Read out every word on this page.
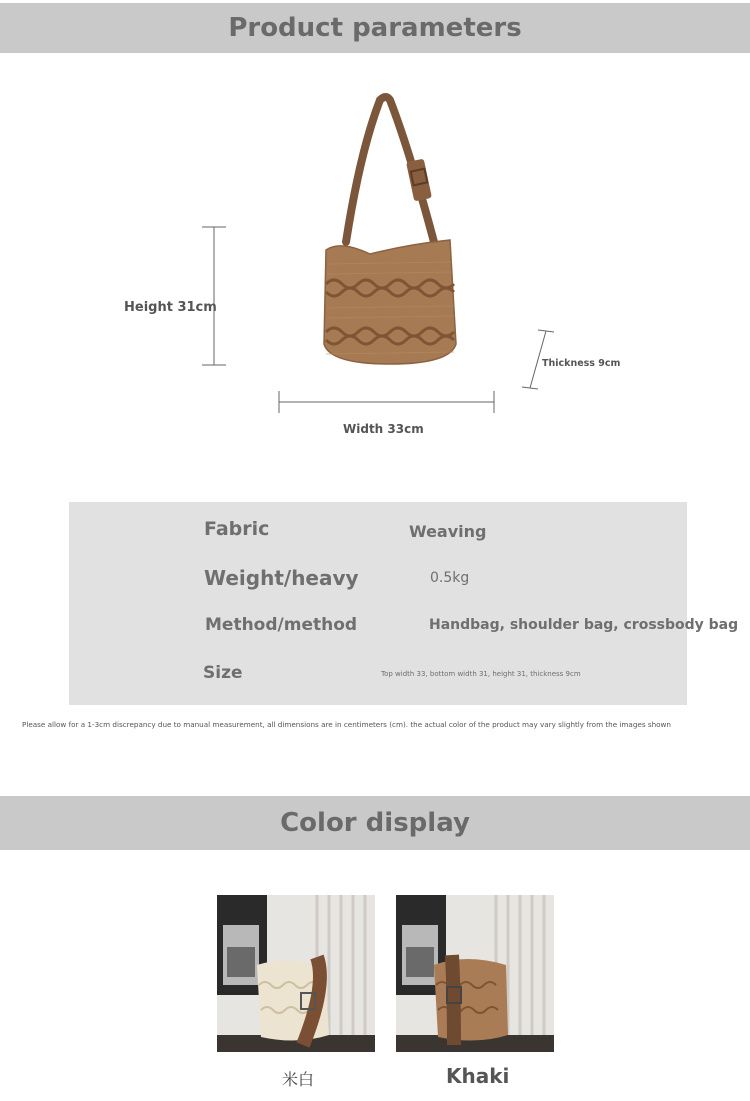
Product parameters
Height 31cm
Width 33cm
Thickness 9cm
Fabric	Weaving
Weight/heavy	0.5kg
Method/method	Handbag, shoulder bag, crossbody bag
Size	Top width 33, bottom width 31, height 31, thickness 9cm
Please allow for a 1-3cm discrepancy due to manual measurement, all dimensions are in centimeters (cm). the actual color of the product may vary slightly from the images shown
Color display
米白	Khaki
